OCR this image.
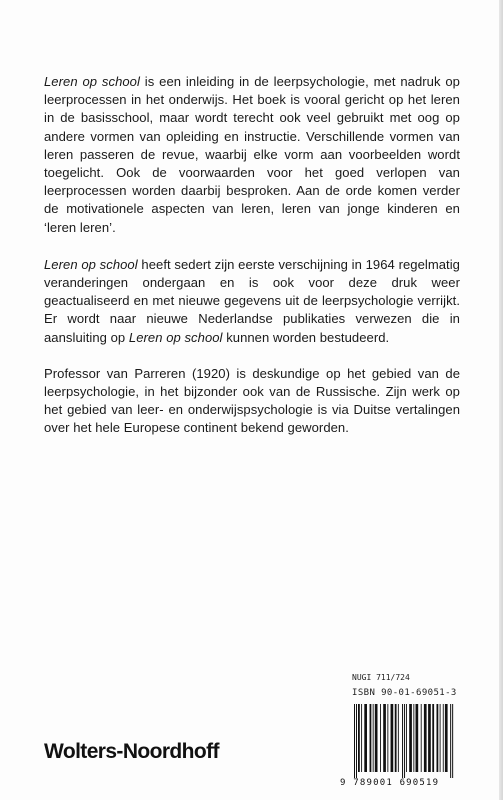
Leren op school is een inleiding in de leerpsychologie, met nadruk op leerprocessen in het onderwijs. Het boek is vooral gericht op het leren in de basisschool, maar wordt terecht ook veel gebruikt met oog op andere vormen van opleiding en instructie. Verschillende vormen van leren passeren de revue, waarbij elke vorm aan voorbeelden wordt toegelicht. Ook de voorwaarden voor het goed verlopen van leerprocessen worden daarbij besproken. Aan de orde komen verder de motivationele aspecten van leren, leren van jonge kinderen en ‘leren leren’.

Leren op school heeft sedert zijn eerste verschijning in 1964 regelmatig veranderingen ondergaan en is ook voor deze druk weer geactualiseerd en met nieuwe gegevens uit de leerpsychologie verrijkt. Er wordt naar nieuwe Nederlandse publikaties verwezen die in aansluiting op Leren op school kunnen worden bestudeerd.

Professor van Parreren (1920) is deskundige op het gebied van de leerpsychologie, in het bijzonder ook van de Russische. Zijn werk op het gebied van leer- en onderwijspsychologie is via Duitse vertalingen over het hele Europese continent bekend geworden.

NUGI 711/724
ISBN 90-01-69051-3
9 789001 690519
Wolters-Noordhoff
